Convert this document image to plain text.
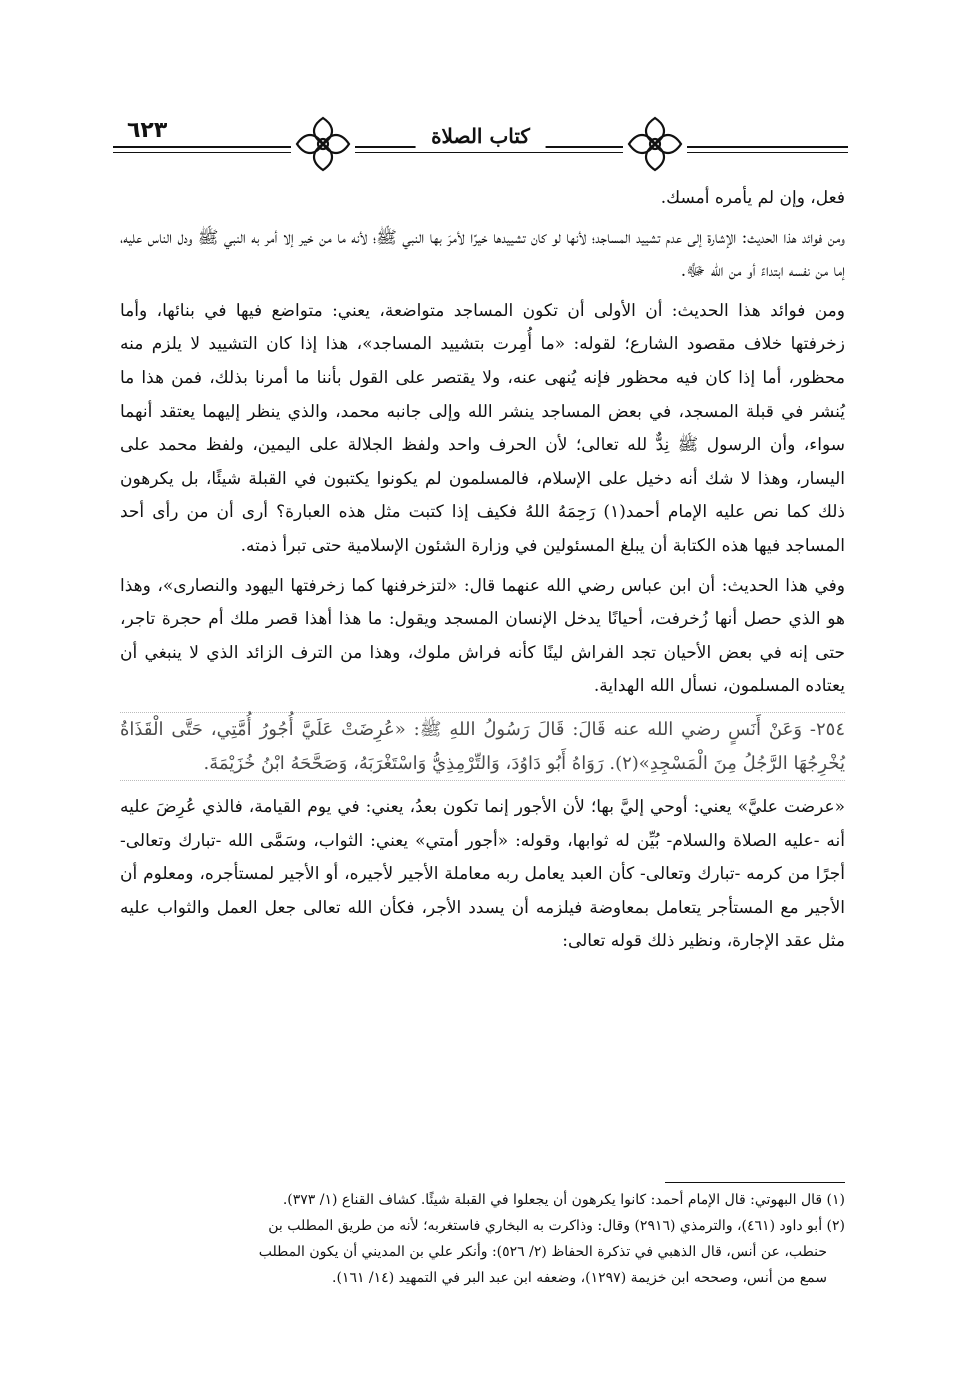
٦٢٣	كتاب الصلاة

فعل، وإن لم يأمره أمسك.

ومن فوائد هذا الحديث: الإشارة إلى عدم تشييد المساجد؛ لأنها لو كان تشييدها خيرًا لأمرَ بها النبي ﷺ؛ لأنه ما من خير إلا أمر به النبي ﷺ ودل الناس عليه، إما من نفسه ابتداءً أو من الله ﷻ.

ومن فوائد هذا الحديث: أن الأولى أن تكون المساجد متواضعة، يعني: متواضع فيها في بنائها، وأما زخرفتها خلاف مقصود الشارع؛ لقوله: «ما أُمِرت بتشييد المساجد»، هذا إذا كان التشييد لا يلزم منه محظور، أما إذا كان فيه محظور فإنه يُنهى عنه، ولا يقتصر على القول بأننا ما أمرنا بذلك، فمن هذا ما يُنشر في قبلة المسجد، في بعض المساجد ينشر الله وإلى جانبه محمد، والذي ينظر إليهما يعتقد أنهما سواء، وأن الرسول ﷺ نِدٌّ لله تعالى؛ لأن الحرف واحد ولفظ الجلالة على اليمين، ولفظ محمد على اليسار، وهذا لا شك أنه دخيل على الإسلام، فالمسلمون لم يكونوا يكتبون في القبلة شيئًا، بل يكرهون ذلك كما نص عليه الإمام أحمد(١) رَحِمَهُ اللهُ فكيف إذا كتبت مثل هذه العبارة؟ أرى أن من رأى أحد المساجد فيها هذه الكتابة أن يبلغ المسئولين في وزارة الشئون الإسلامية حتى تبرأ ذمته.

وفي هذا الحديث: أن ابن عباس رضي الله عنهما قال: «لتزخرفنها كما زخرفتها اليهود والنصارى»، وهذا هو الذي حصل أنها زُخرفت، أحيانًا يدخل الإنسان المسجد ويقول: ما هذا أهذا قصر ملك أم حجرة تاجر، حتى إنه في بعض الأحيان تجد الفراش لينًا كأنه فراش ملوك، وهذا من الترف الزائد الذي لا ينبغي أن يعتاده المسلمون، نسأل الله الهداية.

٢٥٤- وَعَنْ أَنَسٍ رضي الله عنه قَالَ: قَالَ رَسُولُ اللهِ ﷺ: «عُرِضَتْ عَلَيَّ أُجُورُ أُمَّتِي، حَتَّى الْقَذَاةُ يُخْرِجُهَا الرَّجُلُ مِنَ الْمَسْجِدِ»(٢). رَوَاهُ أَبُو دَاوُدَ، وَالتِّرْمِذِيُّ وَاسْتَغْرَبَهُ، وَصَحَّحَهُ ابْنُ خُزَيْمَةَ.

«عرضت عليَّ» يعني: أوحي إليَّ بها؛ لأن الأجور إنما تكون بعدُ، يعني: في يوم القيامة، فالذي عُرِضَ عليه أنه -عليه الصلاة والسلام- بُيِّن له ثوابها، وقوله: «أجور أمتي» يعني: الثواب، وسَمَّى الله -تبارك وتعالى- أجرًا من كرمه -تبارك وتعالى- كأن العبد يعامل ربه معاملة الأجير لأجيره، أو الأجير لمستأجره، ومعلوم أن الأجير مع المستأجر يتعامل بمعاوضة فيلزمه أن يسدد الأجر، فكأن الله تعالى جعل العمل والثواب عليه مثل عقد الإجارة، ونظير ذلك قوله تعالى:

(١) قال البهوتي: قال الإمام أحمد: كانوا يكرهون أن يجعلوا في القبلة شيئًا. كشاف القناع (١/ ٣٧٣).

(٢) أبو داود (٤٦١)، والترمذي (٢٩١٦) وقال: وذاكرت به البخاري فاستغربه؛ لأنه من طريق المطلب بن

حنطب، عن أنس، قال الذهبي في تذكرة الحفاظ (٢/ ٥٢٦): وأنكر علي بن المديني أن يكون المطلب

سمع من أنس، وصححه ابن خزيمة (١٢٩٧)، وضعفه ابن عبد البر في التمهيد (١٤/ ١٦١).
